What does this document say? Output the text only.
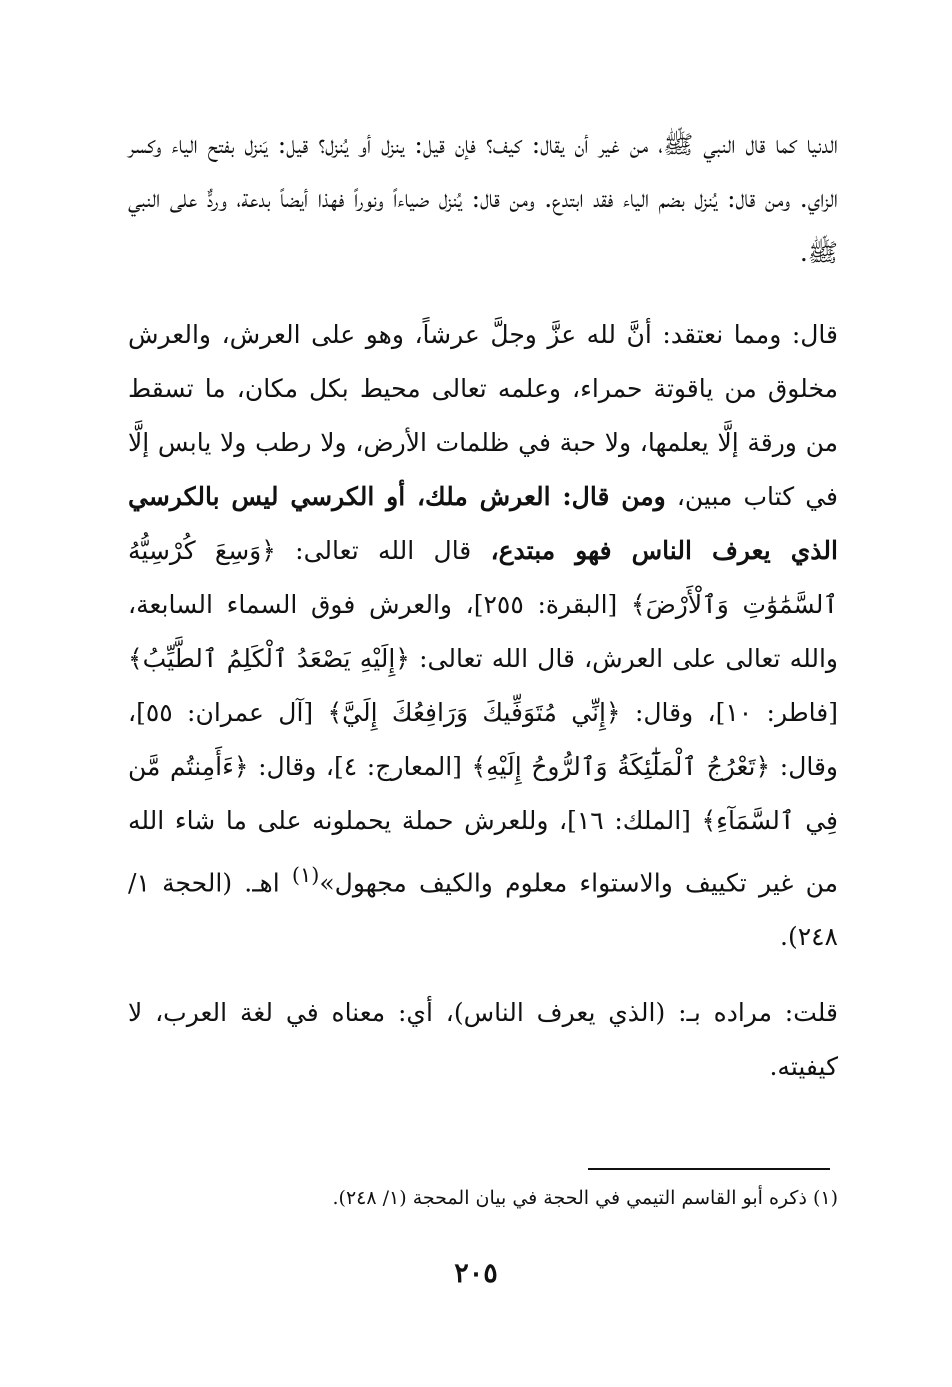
الدنيا كما قال النبي ﷺ، من غير أن يقال: كيف؟ فإن قيل: ينزل أو يُنزل؟ قيل: يَنزل بفتح الياء وكسر الزاي. ومن قال: يُنزل بضم الياء فقد ابتدع. ومن قال: يُنزل ضياءاً ونوراً فهذا أيضاً بدعة، وردٌّ على النبي ﷺ.

قال: ومما نعتقد: أنَّ لله عزَّ وجلَّ عرشاً، وهو على العرش، والعرش مخلوق من ياقوتة حمراء، وعلمه تعالى محيط بكل مكان، ما تسقط من ورقة إلَّا يعلمها، ولا حبة في ظلمات الأرض، ولا رطب ولا يابس إلَّا في كتاب مبين، ومن قال: العرش ملك، أو الكرسي ليس بالكرسي الذي يعرف الناس فهو مبتدع، قال الله تعالى: ﴿وَسِعَ كُرْسِيُّهُ ٱلسَّمَٰوَٰتِ وَٱلْأَرْضَ﴾ [البقرة: ٢٥٥]، والعرش فوق السماء السابعة، والله تعالى على العرش، قال الله تعالى: ﴿إِلَيْهِ يَصْعَدُ ٱلْكَلِمُ ٱلطَّيِّبُ﴾ [فاطر: ١٠]، وقال: ﴿إِنِّي مُتَوَفِّيكَ وَرَافِعُكَ إِلَيَّ﴾ [آل عمران: ٥٥]، وقال: ﴿تَعْرُجُ ٱلْمَلَٰٓئِكَةُ وَٱلرُّوحُ إِلَيْهِ﴾ [المعارج: ٤]، وقال: ﴿ءَأَمِنتُم مَّن فِي ٱلسَّمَآءِ﴾ [الملك: ١٦]، وللعرش حملة يحملونه على ما شاء الله من غير تكييف والاستواء معلوم والكيف مجهول»$^{(١)}$ اهـ. (الحجة ١/ ٢٤٨).

قلت: مراده بـ: (الذي يعرف الناس)، أي: معناه في لغة العرب، لا كيفيته.

(١) ذكره أبو القاسم التيمي في الحجة في بيان المحجة (١/ ٢٤٨).
٢٠٥
